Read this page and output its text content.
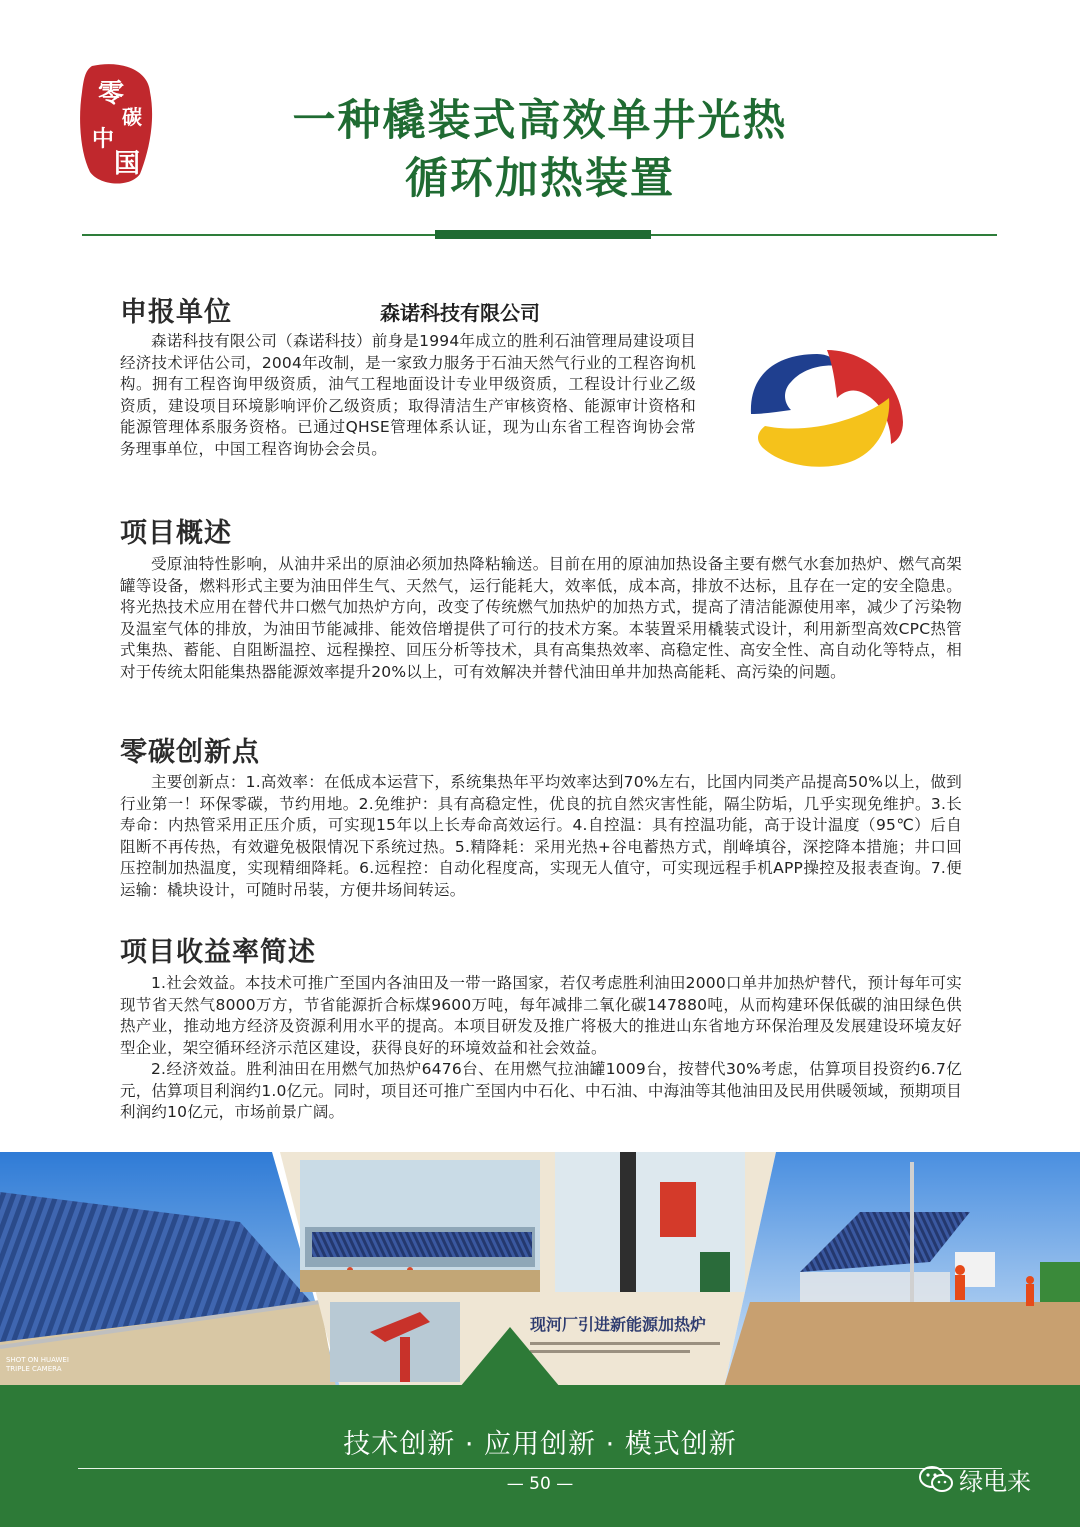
零
碳
中
国
一种橇装式高效单井光热
循环加热装置
申报单位	森诺科技有限公司
森诺科技有限公司（森诺科技）前身是1994年成立的胜利石油管理局建设项目经济技术评估公司，2004年改制，是一家致力服务于石油天然气行业的工程咨询机构。拥有工程咨询甲级资质，油气工程地面设计专业甲级资质，工程设计行业乙级资质，建设项目环境影响评价乙级资质；取得清洁生产审核资格、能源审计资格和能源管理体系服务资格。已通过QHSE管理体系认证，现为山东省工程咨询协会常务理事单位，中国工程咨询协会会员。
项目概述
受原油特性影响，从油井采出的原油必须加热降粘输送。目前在用的原油加热设备主要有燃气水套加热炉、燃气高架罐等设备，燃料形式主要为油田伴生气、天然气，运行能耗大，效率低，成本高，排放不达标，且存在一定的安全隐患。将光热技术应用在替代井口燃气加热炉方向，改变了传统燃气加热炉的加热方式，提高了清洁能源使用率，减少了污染物及温室气体的排放，为油田节能减排、能效倍增提供了可行的技术方案。本装置采用橇装式设计，利用新型高效CPC热管式集热、蓄能、自阻断温控、远程操控、回压分析等技术，具有高集热效率、高稳定性、高安全性、高自动化等特点，相对于传统太阳能集热器能源效率提升20%以上，可有效解决并替代油田单井加热高能耗、高污染的问题。
零碳创新点
主要创新点：1.高效率：在低成本运营下，系统集热年平均效率达到70%左右，比国内同类产品提高50%以上，做到行业第一！环保零碳，节约用地。2.免维护：具有高稳定性，优良的抗自然灾害性能，隔尘防垢，几乎实现免维护。3.长寿命：内热管采用正压介质，可实现15年以上长寿命高效运行。4.自控温：具有控温功能，高于设计温度（95℃）后自阻断不再传热，有效避免极限情况下系统过热。5.精降耗：采用光热+谷电蓄热方式，削峰填谷，深挖降本措施；井口回压控制加热温度，实现精细降耗。6.远程控：自动化程度高，实现无人值守，可实现远程手机APP操控及报表查询。7.便运输：橇块设计，可随时吊装，方便井场间转运。
项目收益率简述
1.社会效益。本技术可推广至国内各油田及一带一路国家，若仅考虑胜利油田2000口单井加热炉替代，预计每年可实现节省天然气8000万方，节省能源折合标煤9600万吨，每年减排二氧化碳147880吨，从而构建环保低碳的油田绿色供热产业，推动地方经济及资源利用水平的提高。本项目研发及推广将极大的推进山东省地方环保治理及发展建设环境友好型企业，架空循环经济示范区建设，获得良好的环境效益和社会效益。
2.经济效益。胜利油田在用燃气加热炉6476台、在用燃气拉油罐1009台，按替代30%考虑，估算项目投资约6.7亿元，估算项目利润约1.0亿元。同时，项目还可推广至国内中石化、中石油、中海油等其他油田及民用供暖领域，预期项目利润约10亿元，市场前景广阔。
SHOT ON HUAWEI
TRIPLE CAMERA
现河厂引进新能源加热炉
技术创新 · 应用创新 · 模式创新
— 50 —	绿电来
